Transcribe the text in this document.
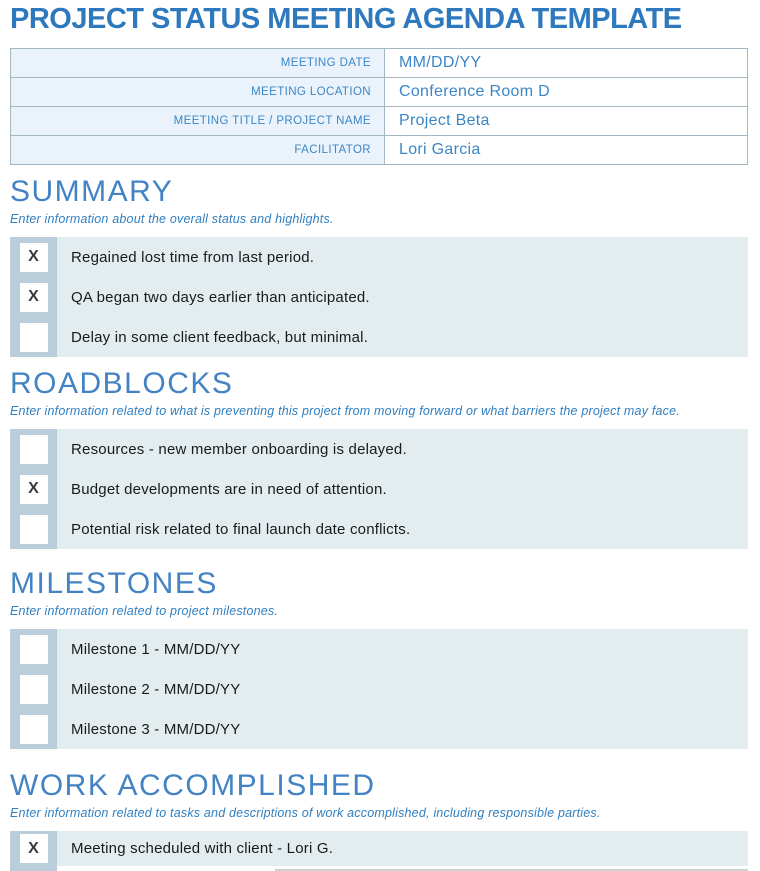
PROJECT STATUS MEETING AGENDA TEMPLATE
MEETING DATE	MM/DD/YY
MEETING LOCATION	Conference Room D
MEETING TITLE / PROJECT NAME	Project Beta
FACILITATOR	Lori Garcia
SUMMARY

Enter information about the overall status and highlights.

X	Regained lost time from last period.
X	QA began two days earlier than anticipated.
Delay in some client feedback, but minimal.
ROADBLOCKS

Enter information related to what is preventing this project from moving forward or what barriers the project may face.

Resources - new member onboarding is delayed.
X	Budget developments are in need of attention.
Potential risk related to final launch date conflicts.
MILESTONES

Enter information related to project milestones.

Milestone 1 - MM/DD/YY
Milestone 2 - MM/DD/YY
Milestone 3 - MM/DD/YY
WORK ACCOMPLISHED

Enter information related to tasks and descriptions of work accomplished, including responsible parties.

X	Meeting scheduled with client - Lori G.
